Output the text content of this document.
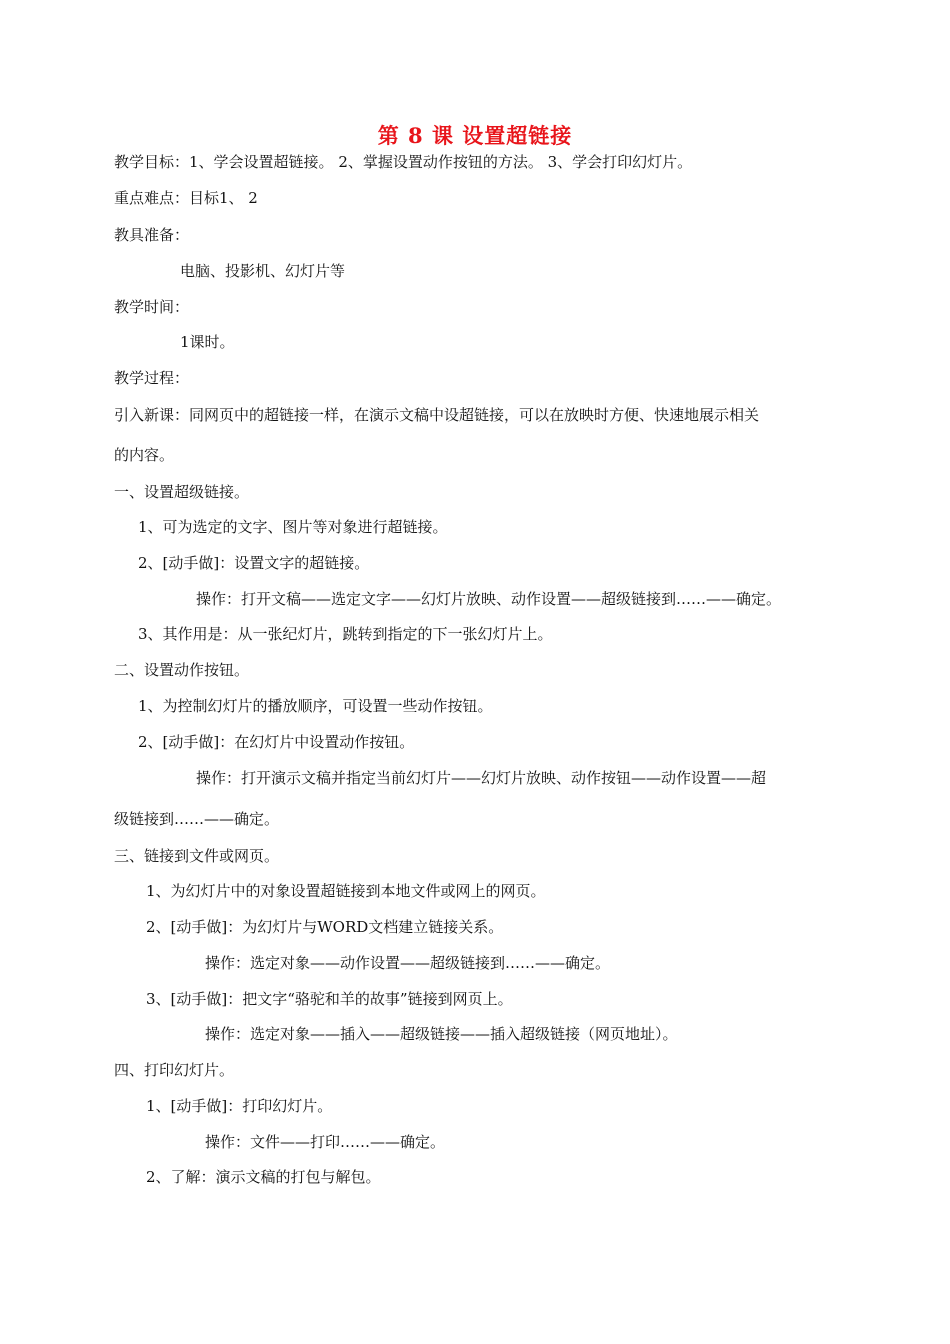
第 8 课 设置超链接
教学目标：1、学会设置超链接。 2、掌握设置动作按钮的方法。 3、学会打印幻灯片。
重点难点：目标1、 2
教具准备：
电脑、投影机、幻灯片等
教学时间：
1课时。
教学过程：
引入新课：同网页中的超链接一样，在演示文稿中设超链接，可以在放映时方便、快速地展示相关
的内容。
一、设置超级链接。
1、可为选定的文字、图片等对象进行超链接。
2、[动手做]：设置文字的超链接。
操作：打开文稿——选定文字——幻灯片放映、动作设置——超级链接到……——确定。
3、其作用是：从一张纪灯片，跳转到指定的下一张幻灯片上。
二、设置动作按钮。
1、为控制幻灯片的播放顺序，可设置一些动作按钮。
2、[动手做]：在幻灯片中设置动作按钮。
操作：打开演示文稿并指定当前幻灯片——幻灯片放映、动作按钮——动作设置——超
级链接到……——确定。
三、链接到文件或网页。
1、为幻灯片中的对象设置超链接到本地文件或网上的网页。
2、[动手做]：为幻灯片与WORD文档建立链接关系。
操作：选定对象——动作设置——超级链接到……——确定。
3、[动手做]：把文字“骆驼和羊的故事”链接到网页上。
操作：选定对象——插入——超级链接——插入超级链接（网页地址）。
四、打印幻灯片。
1、[动手做]：打印幻灯片。
操作：文件——打印……——确定。
2、了解：演示文稿的打包与解包。
